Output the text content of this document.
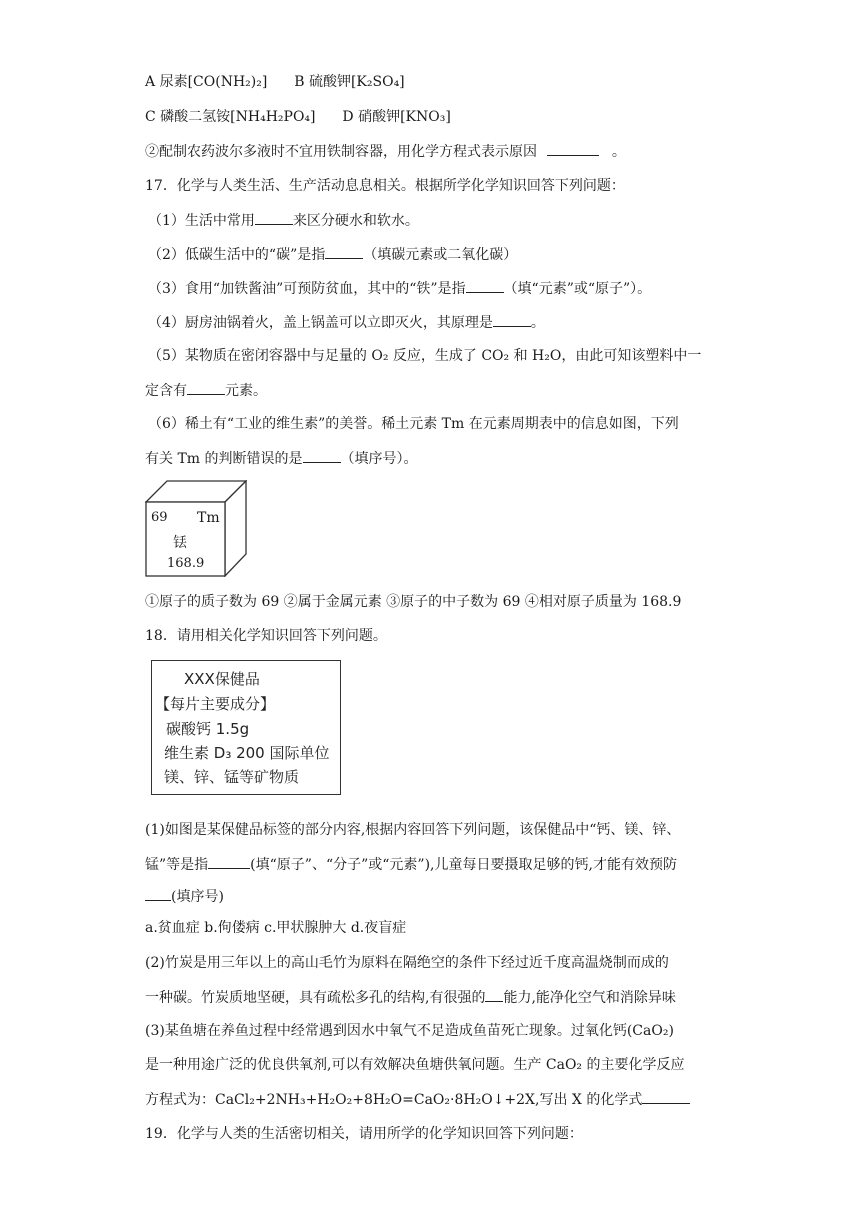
A 尿素[CO(NH₂)₂] B 硫酸钾[K₂SO₄]
C 磷酸二氢铵[NH₄H₂PO₄] D 硝酸钾[KNO₃]
②配制农药波尔多液时不宜用铁制容器，用化学方程式表示原因	。
17．化学与人类生活、生产活动息息相关。根据所学化学知识回答下列问题：
（1）生活中常用	来区分硬水和软水。
（2）低碳生活中的“碳”是指	（填碳元素或二氧化碳）
（3）食用“加铁酱油”可预防贫血，其中的“铁”是指	（填“元素”或“原子”）。
（4）厨房油锅着火，盖上锅盖可以立即灭火，其原理是	。
（5）某物质在密闭容器中与足量的 O₂ 反应，生成了 CO₂ 和 H₂O，由此可知该塑料中一
定含有	元素。
（6）稀土有“工业的维生素”的美誉。稀土元素 Tm 在元素周期表中的信息如图，下列
有关 Tm 的判断错误的是	（填序号）。
69 Tm
铥
168.9
①原子的质子数为 69 ②属于金属元素 ③原子的中子数为 69 ④相对原子质量为 168.9
18．请用相关化学知识回答下列问题。
XXX保健品
【每片主要成分】
碳酸钙 1.5g
维生素 D₃ 200 国际单位
镁、锌、锰等矿物质
(1)如图是某保健品标签的部分内容,根据内容回答下列问题，该保健品中“钙、镁、锌、
锰”等是指	(填“原子”、“分子”或“元素”),儿童每日要摄取足够的钙,才能有效预防
(填序号)
a.贫血症 b.佝偻病 c.甲状腺肿大 d.夜盲症
(2)竹炭是用三年以上的高山毛竹为原料在隔绝空的条件下经过近千度高温烧制而成的
一种碳。竹炭质地坚硬，具有疏松多孔的结构,有很强的 能力,能净化空气和消除异味
(3)某鱼塘在养鱼过程中经常遇到因水中氧气不足造成鱼苗死亡现象。过氧化钙(CaO₂)
是一种用途广泛的优良供氧剂,可以有效解决鱼塘供氧问题。生产 CaO₂ 的主要化学反应
方程式为：CaCl₂+2NH₃+H₂O₂+8H₂O=CaO₂·8H₂O↓+2X,写出 X 的化学式
19．化学与人类的生活密切相关，请用所学的化学知识回答下列问题：
